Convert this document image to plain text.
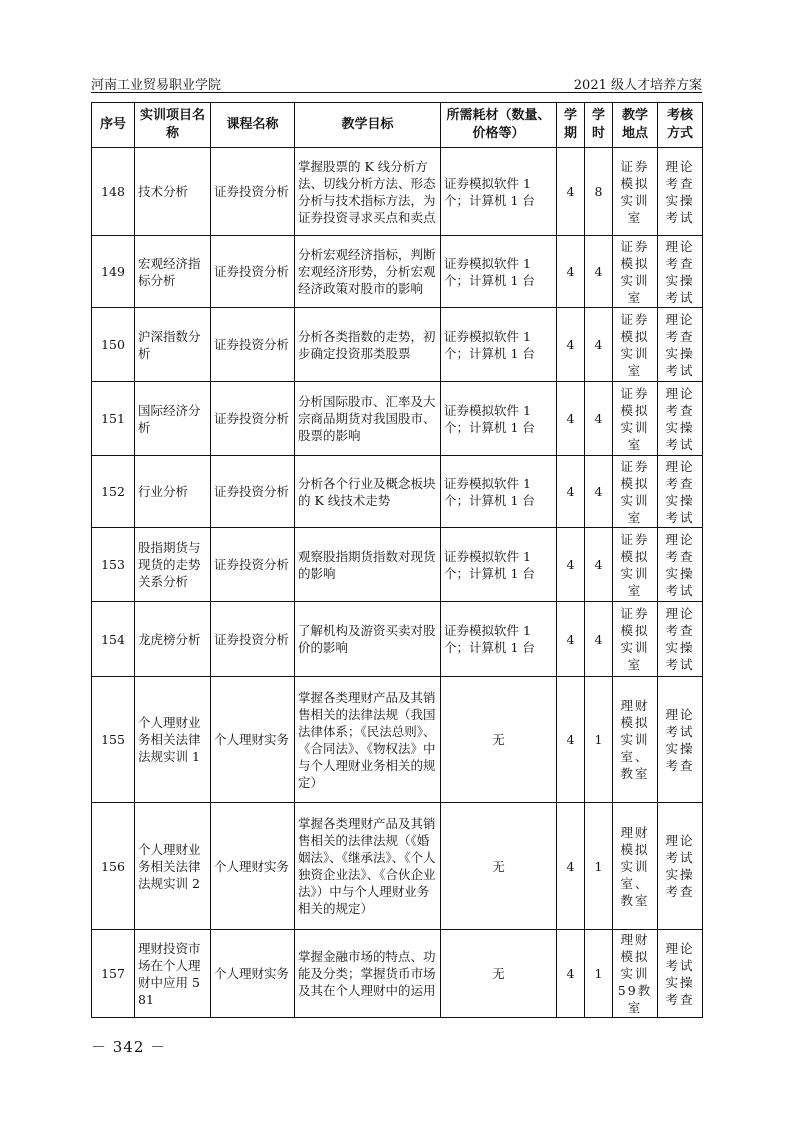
河南工业贸易职业学院	2021 级人才培养方案
序号	实训项目名称	课程名称	教学目标	所需耗材（数量、价格等）	学期	学时	教学地点	考核方式
148	技术分析	证券投资分析	掌握股票的 K 线分析方法、切线分析方法、形态分析与技术指标方法，为证券投资寻求买点和卖点	证券模拟软件 1 个；计算机 1 台	4	8	证券模拟实训室	理论考查实操考试
149	宏观经济指标分析	证券投资分析	分析宏观经济指标，判断宏观经济形势，分析宏观经济政策对股市的影响	证券模拟软件 1 个；计算机 1 台	4	4	证券模拟实训室	理论考查实操考试
150	沪深指数分析	证券投资分析	分析各类指数的走势，初步确定投资那类股票	证券模拟软件 1 个；计算机 1 台	4	4	证券模拟实训室	理论考查实操考试
151	国际经济分析	证券投资分析	分析国际股市、汇率及大宗商品期货对我国股市、股票的影响	证券模拟软件 1 个；计算机 1 台	4	4	证券模拟实训室	理论考查实操考试
152	行业分析	证券投资分析	分析各个行业及概念板块的 K 线技术走势	证券模拟软件 1 个；计算机 1 台	4	4	证券模拟实训室	理论考查实操考试
153	股指期货与现货的走势关系分析	证券投资分析	观察股指期货指数对现货的影响	证券模拟软件 1 个；计算机 1 台	4	4	证券模拟实训室	理论考查实操考试
154	龙虎榜分析	证券投资分析	了解机构及游资买卖对股价的影响	证券模拟软件 1 个；计算机 1 台	4	4	证券模拟实训室	理论考查实操考试
155	个人理财业务相关法律法规实训 1	个人理财实务	掌握各类理财产品及其销售相关的法律法规（我国法律体系；《民法总则》、《合同法》、《物权法》中与个人理财业务相关的规定）	无	4	1	理财模拟实训室、教室	理论考试实操考查
156	个人理财业务相关法律法规实训 2	个人理财实务	掌握各类理财产品及其销售相关的法律法规（《婚姻法》、《继承法》、《个人独资企业法》、《合伙企业法》）中与个人理财业务相关的规定）	无	4	1	理财模拟实训室、教室	理论考试实操考查
157	理财投资市场在个人理财中应用 581	个人理财实务	掌握金融市场的特点、功能及分类；掌握货币市场及其在个人理财中的运用	无	4	1	理财模拟实训59教室	理论考试实操考查
－ 342 －
